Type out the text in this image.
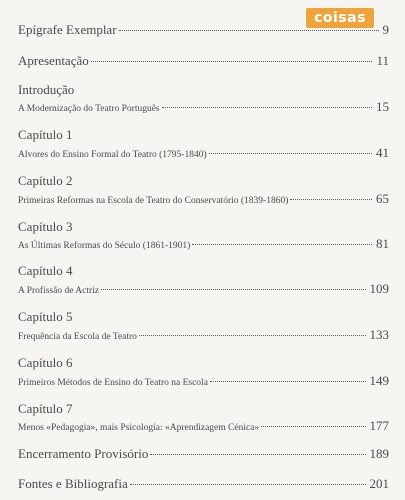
coisas
Epígrafe Exemplar	9
Apresentação	11
Introdução
A Modernização do Teatro Português	15
Capítulo 1
Alvores do Ensino Formal do Teatro (1795-1840)	41
Capítulo 2
Primeiras Reformas na Escola de Teatro do Conservatório (1839-1860)	65
Capítulo 3
As Últimas Reformas do Século (1861-1901)	81
Capítulo 4
A Profissão de Actriz	109
Capítulo 5
Frequência da Escola de Teatro	133
Capítulo 6
Primeiros Métodos de Ensino do Teatro na Escola	149
Capítulo 7
Menos «Pedagogia», mais Psicologia: «Aprendizagem Cénica»	177
Encerramento Provisório	189
Fontes e Bibliografia	201
